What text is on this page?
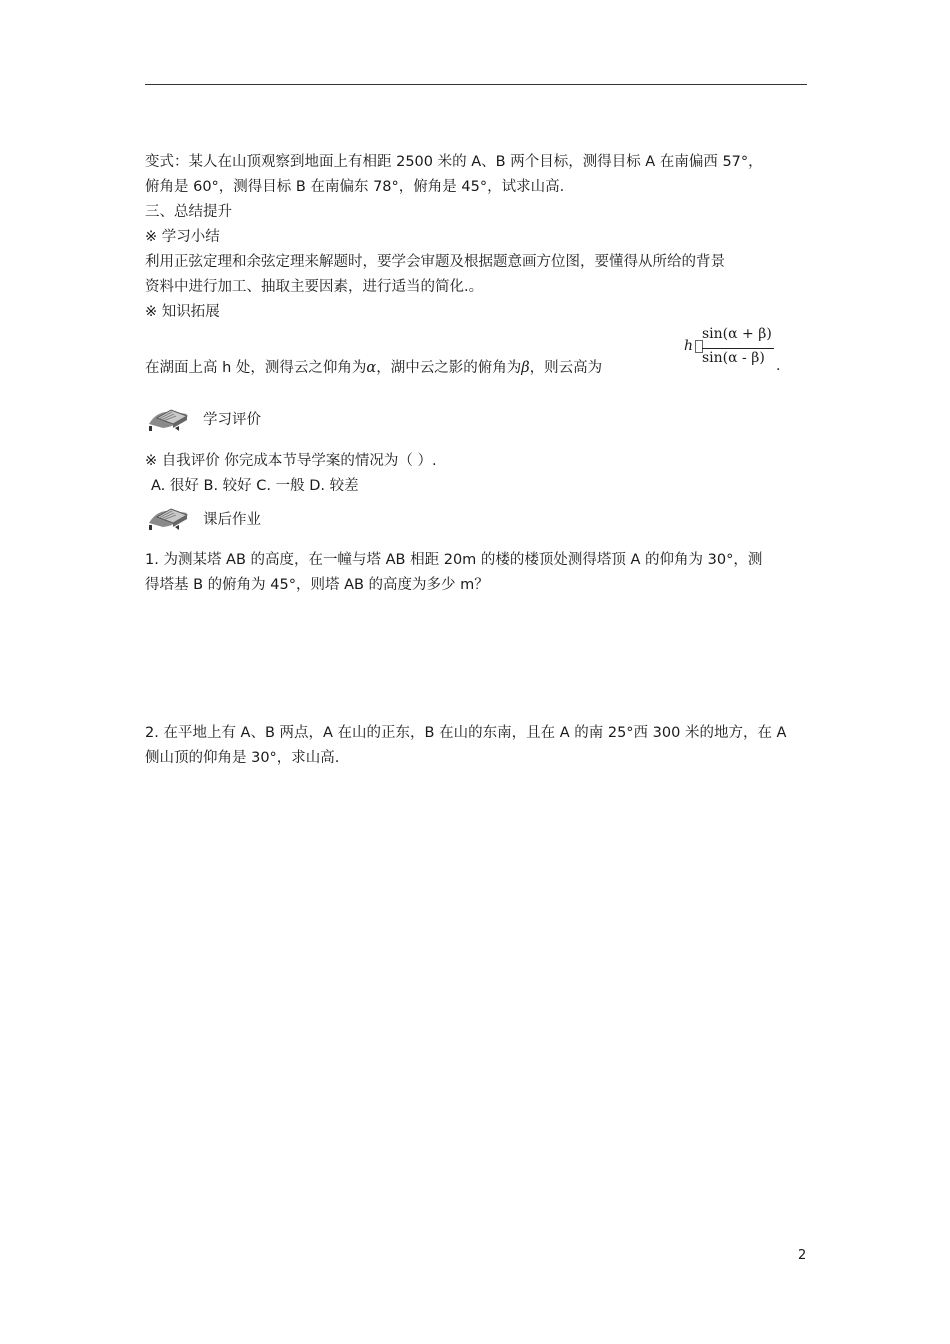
变式：某人在山顶观察到地面上有相距 2500 米的 A、B 两个目标，测得目标 A 在南偏西 57°，
俯角是 60°，测得目标 B 在南偏东 78°，俯角是 45°，试求山高.
三、总结提升
※ 学习小结
利用正弦定理和余弦定理来解题时，要学会审题及根据题意画方位图，要懂得从所给的背景
资料中进行加工、抽取主要因素，进行适当的简化.。
※ 知识拓展
在湖面上高 h 处，测得云之仰角为α，湖中云之影的俯角为β，则云高为
h
sin(α + β)
sin(α - β) .
学习评价
※ 自我评价 你完成本节导学案的情况为（ ）.
A. 很好 B. 较好 C. 一般 D. 较差
课后作业
1. 为测某塔 AB 的高度，在一幢与塔 AB 相距 20m 的楼的楼顶处测得塔顶 A 的仰角为 30°，测
得塔基 B 的俯角为 45°，则塔 AB 的高度为多少 m？
2. 在平地上有 A、B 两点，A 在山的正东，B 在山的东南，且在 A 的南 25°西 300 米的地方，在 A
侧山顶的仰角是 30°，求山高.
2
